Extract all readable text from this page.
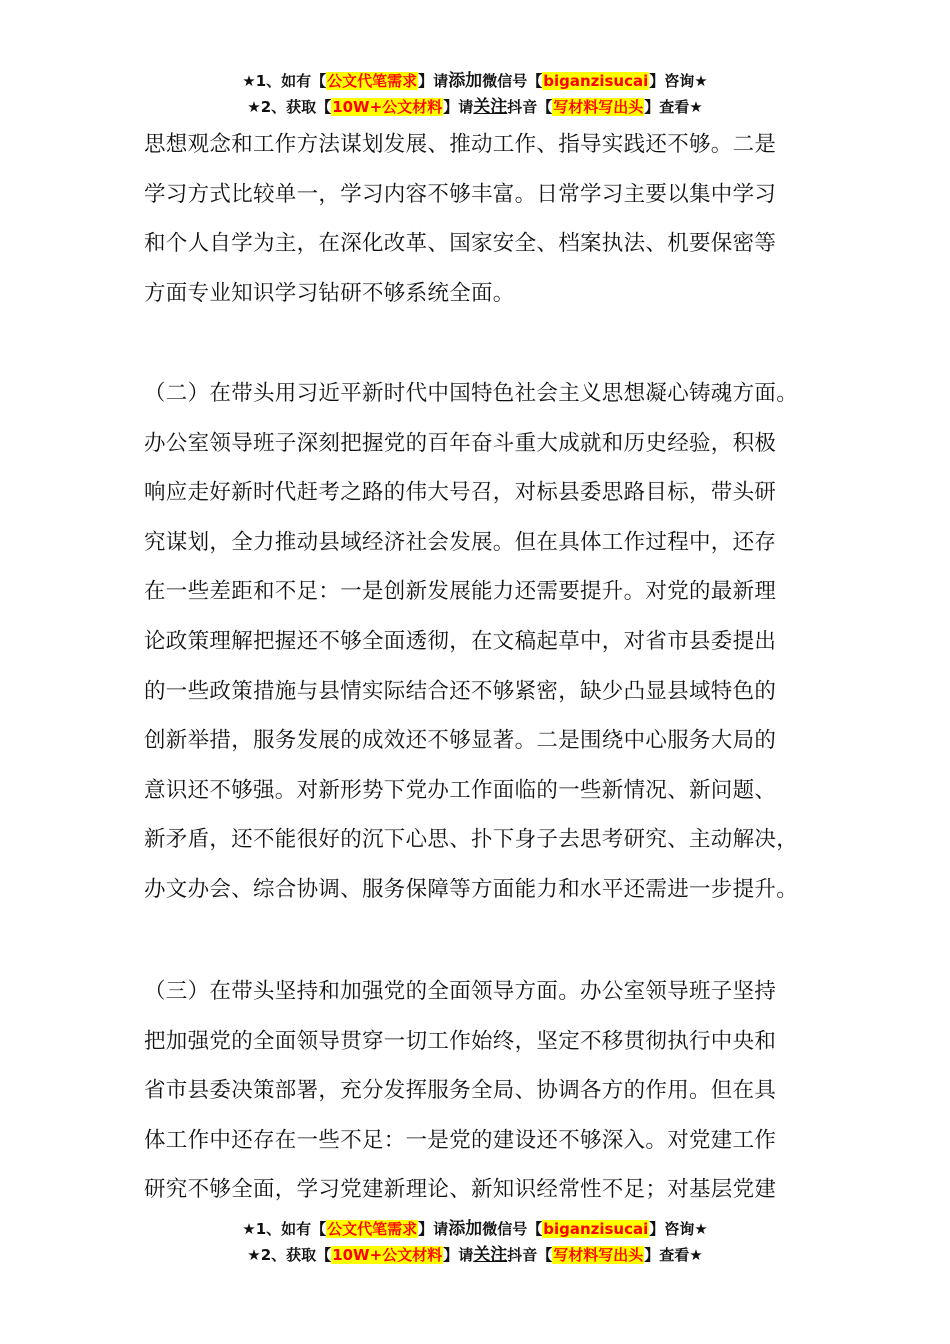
★1、如有【公文代笔需求】请添加微信号【biganzisucai】咨询★
★2、获取【10W+公文材料】请关注抖音【写材料写出头】查看★

思想观念和工作方法谋划发展、推动工作、指导实践还不够。二是

学习方式比较单一，学习内容不够丰富。日常学习主要以集中学习

和个人自学为主，在深化改革、国家安全、档案执法、机要保密等

方面专业知识学习钻研不够系统全面。

（二）在带头用习近平新时代中国特色社会主义思想凝心铸魂方面。

办公室领导班子深刻把握党的百年奋斗重大成就和历史经验，积极

响应走好新时代赶考之路的伟大号召，对标县委思路目标，带头研

究谋划，全力推动县域经济社会发展。但在具体工作过程中，还存

在一些差距和不足：一是创新发展能力还需要提升。对党的最新理

论政策理解把握还不够全面透彻，在文稿起草中，对省市县委提出

的一些政策措施与县情实际结合还不够紧密，缺少凸显县域特色的

创新举措，服务发展的成效还不够显著。二是围绕中心服务大局的

意识还不够强。对新形势下党办工作面临的一些新情况、新问题、

新矛盾，还不能很好的沉下心思、扑下身子去思考研究、主动解决，

办文办会、综合协调、服务保障等方面能力和水平还需进一步提升。

（三）在带头坚持和加强党的全面领导方面。办公室领导班子坚持

把加强党的全面领导贯穿一切工作始终，坚定不移贯彻执行中央和

省市县委决策部署，充分发挥服务全局、协调各方的作用。但在具

体工作中还存在一些不足：一是党的建设还不够深入。对党建工作

研究不够全面，学习党建新理论、新知识经常性不足；对基层党建

★1、如有【公文代笔需求】请添加微信号【biganzisucai】咨询★
★2、获取【10W+公文材料】请关注抖音【写材料写出头】查看★
